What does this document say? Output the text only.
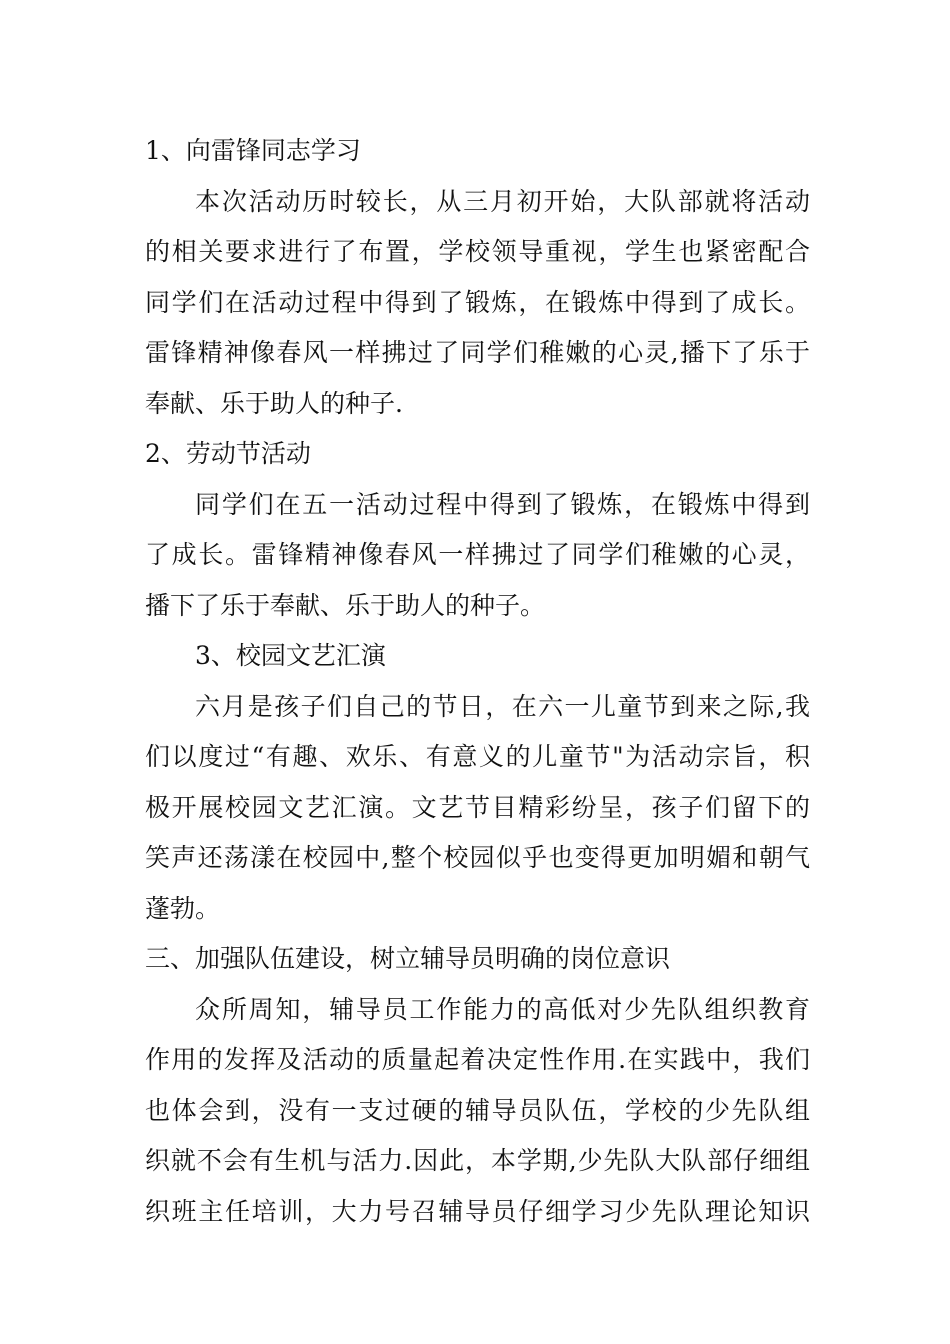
1、向雷锋同志学习
本次活动历时较长，从三月初开始，大队部就将活动
的相关要求进行了布置，学校领导重视，学生也紧密配合
同学们在活动过程中得到了锻炼，在锻炼中得到了成长。
雷锋精神像春风一样拂过了同学们稚嫩的心灵,播下了乐于
奉献、乐于助人的种子.
2、劳动节活动
同学们在五一活动过程中得到了锻炼，在锻炼中得到
了成长。雷锋精神像春风一样拂过了同学们稚嫩的心灵，
播下了乐于奉献、乐于助人的种子。
3、校园文艺汇演
六月是孩子们自己的节日，在六一儿童节到来之际,我
们以度过“有趣、欢乐、有意义的儿童节"为活动宗旨，积
极开展校园文艺汇演。文艺节目精彩纷呈，孩子们留下的
笑声还荡漾在校园中,整个校园似乎也变得更加明媚和朝气
蓬勃。
三、加强队伍建设，树立辅导员明确的岗位意识
众所周知，辅导员工作能力的高低对少先队组织教育
作用的发挥及活动的质量起着决定性作用.在实践中，我们
也体会到，没有一支过硬的辅导员队伍，学校的少先队组
织就不会有生机与活力.因此，本学期,少先队大队部仔细组
织班主任培训，大力号召辅导员仔细学习少先队理论知识
